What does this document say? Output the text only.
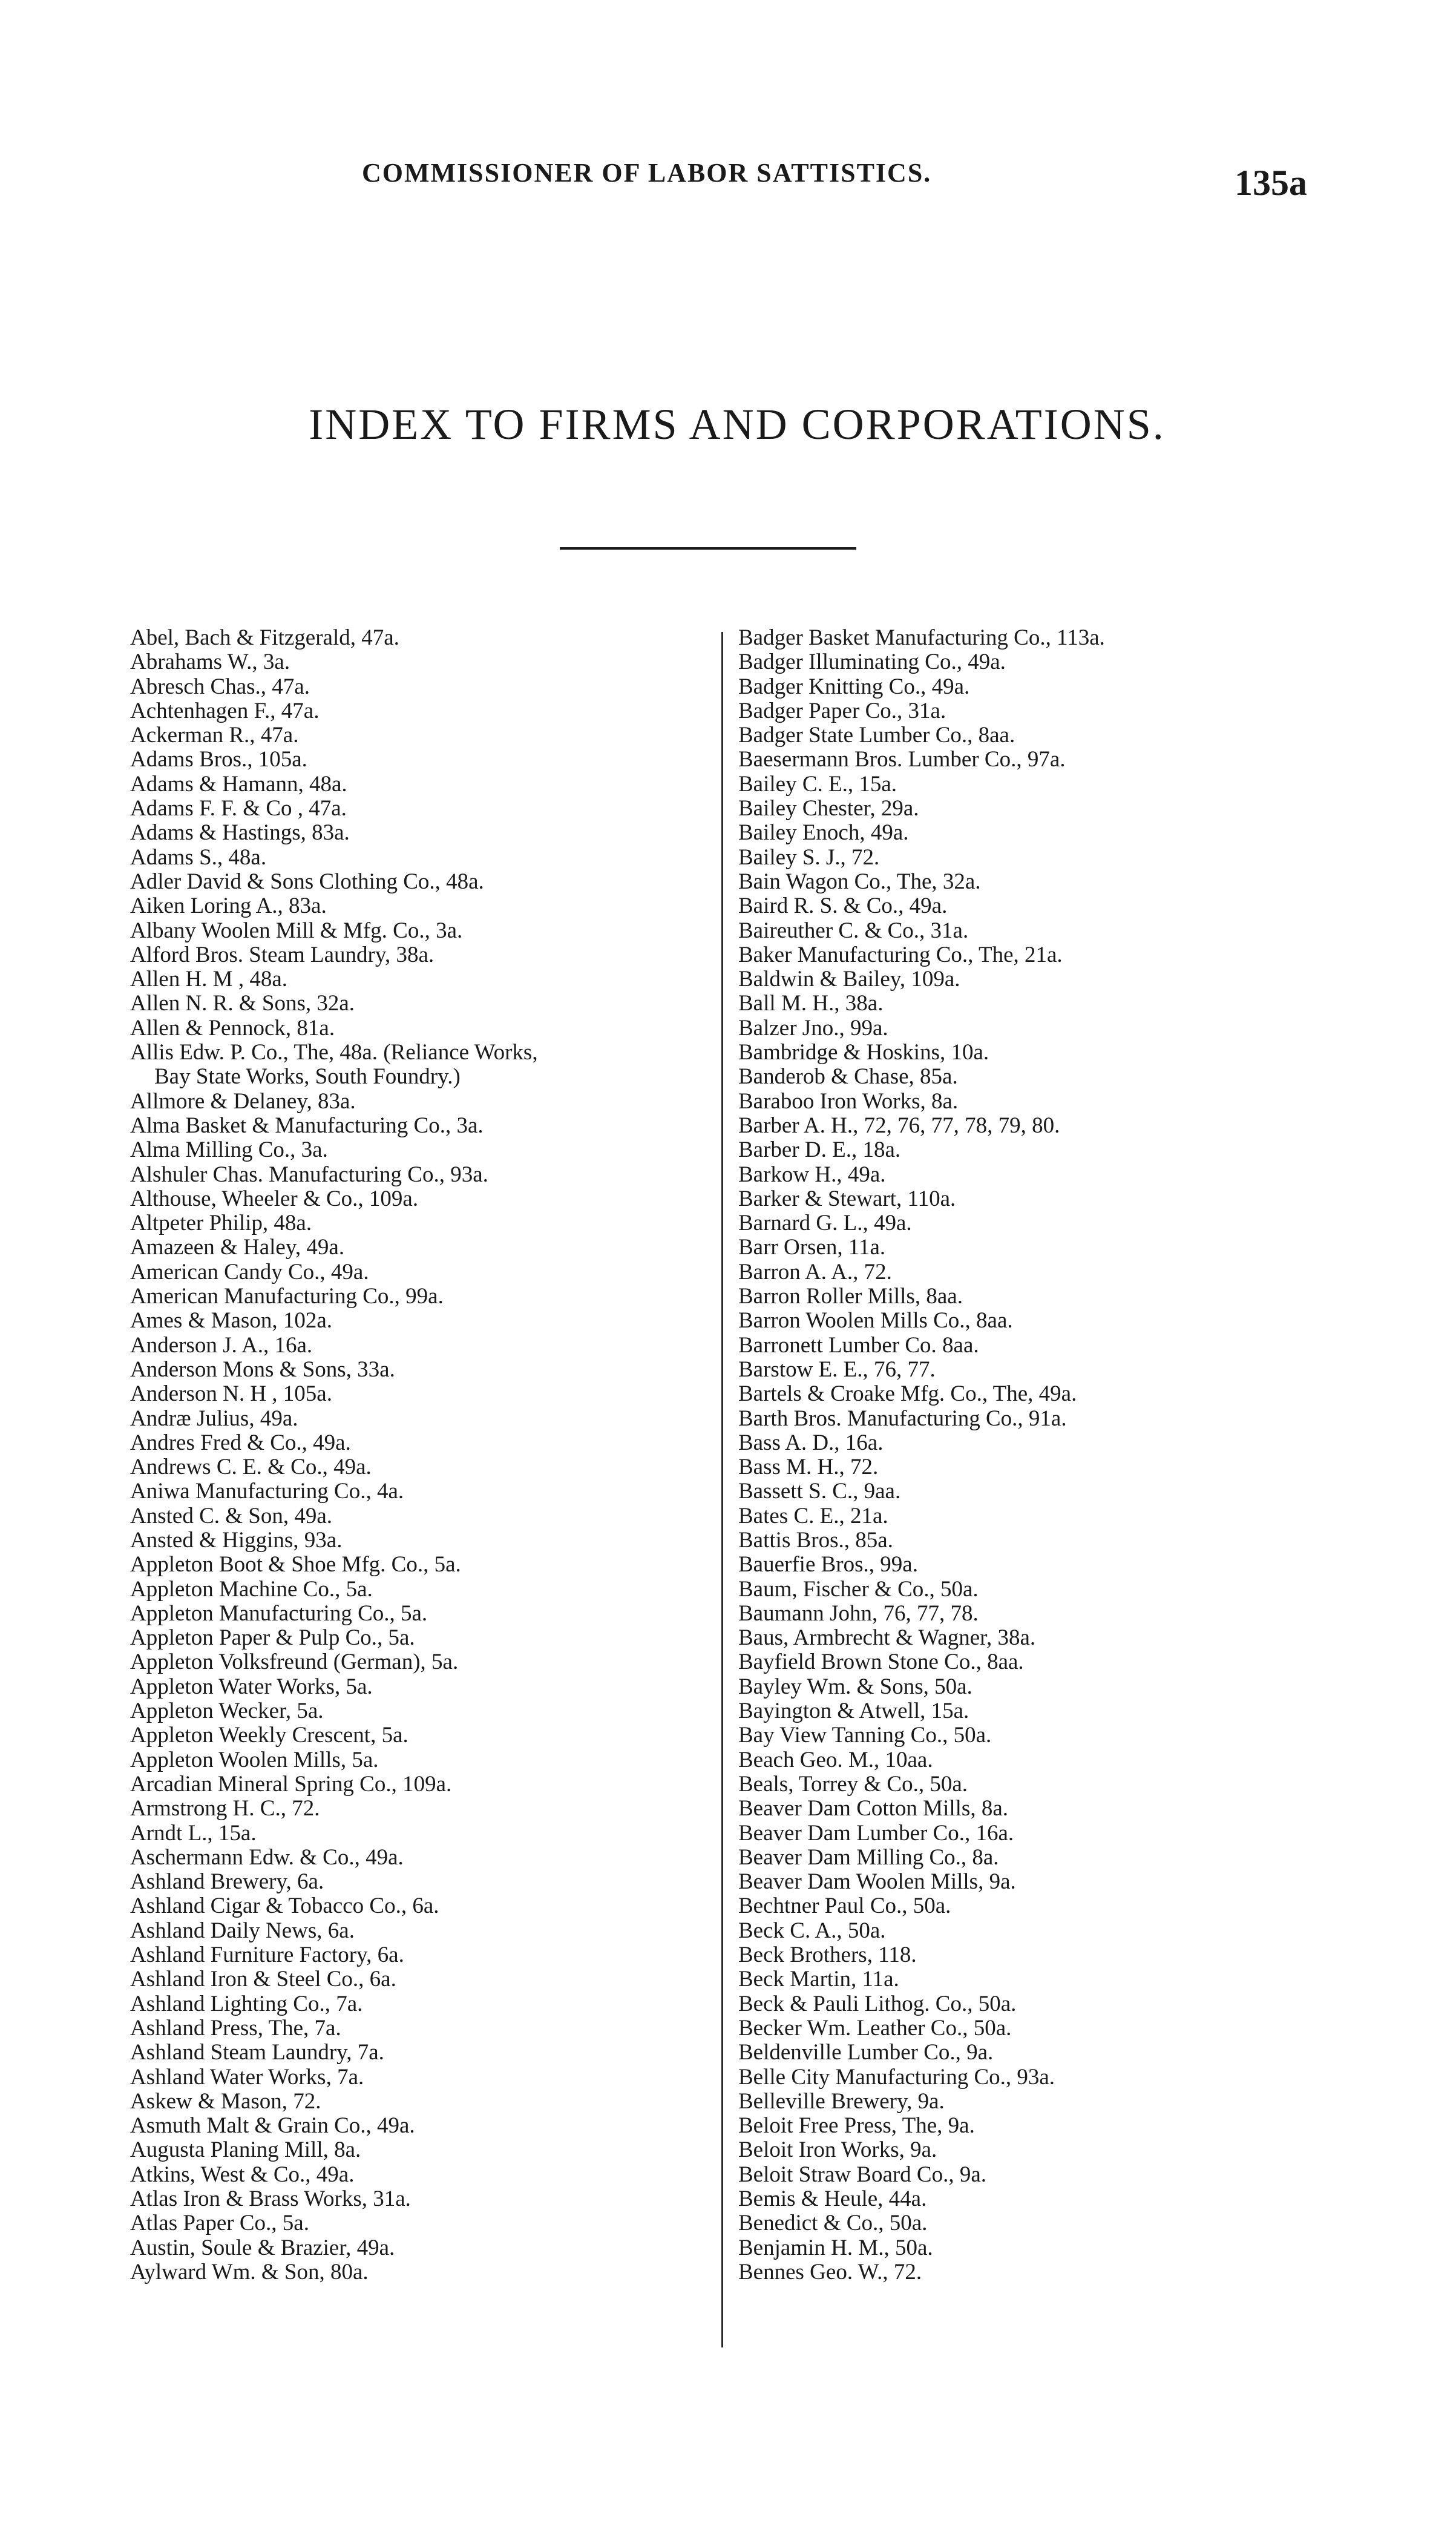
COMMISSIONER OF LABOR SATTISTICS.	135a
INDEX TO FIRMS AND CORPORATIONS.
Abel, Bach & Fitzgerald, 47a.
Abrahams W., 3a.
Abresch Chas., 47a.
Achtenhagen F., 47a.
Ackerman R., 47a.
Adams Bros., 105a.
Adams & Hamann, 48a.
Adams F. F. & Co , 47a.
Adams & Hastings, 83a.
Adams S., 48a.
Adler David & Sons Clothing Co., 48a.
Aiken Loring A., 83a.
Albany Woolen Mill & Mfg. Co., 3a.
Alford Bros. Steam Laundry, 38a.
Allen H. M , 48a.
Allen N. R. & Sons, 32a.
Allen & Pennock, 81a.
Allis Edw. P. Co., The, 48a. (Reliance Works,
Bay State Works, South Foundry.)
Allmore & Delaney, 83a.
Alma Basket & Manufacturing Co., 3a.
Alma Milling Co., 3a.
Alshuler Chas. Manufacturing Co., 93a.
Althouse, Wheeler & Co., 109a.
Altpeter Philip, 48a.
Amazeen & Haley, 49a.
American Candy Co., 49a.
American Manufacturing Co., 99a.
Ames & Mason, 102a.
Anderson J. A., 16a.
Anderson Mons & Sons, 33a.
Anderson N. H , 105a.
Andræ Julius, 49a.
Andres Fred & Co., 49a.
Andrews C. E. & Co., 49a.
Aniwa Manufacturing Co., 4a.
Ansted C. & Son, 49a.
Ansted & Higgins, 93a.
Appleton Boot & Shoe Mfg. Co., 5a.
Appleton Machine Co., 5a.
Appleton Manufacturing Co., 5a.
Appleton Paper & Pulp Co., 5a.
Appleton Volksfreund (German), 5a.
Appleton Water Works, 5a.
Appleton Wecker, 5a.
Appleton Weekly Crescent, 5a.
Appleton Woolen Mills, 5a.
Arcadian Mineral Spring Co., 109a.
Armstrong H. C., 72.
Arndt L., 15a.
Aschermann Edw. & Co., 49a.
Ashland Brewery, 6a.
Ashland Cigar & Tobacco Co., 6a.
Ashland Daily News, 6a.
Ashland Furniture Factory, 6a.
Ashland Iron & Steel Co., 6a.
Ashland Lighting Co., 7a.
Ashland Press, The, 7a.
Ashland Steam Laundry, 7a.
Ashland Water Works, 7a.
Askew & Mason, 72.
Asmuth Malt & Grain Co., 49a.
Augusta Planing Mill, 8a.
Atkins, West & Co., 49a.
Atlas Iron & Brass Works, 31a.
Atlas Paper Co., 5a.
Austin, Soule & Brazier, 49a.
Aylward Wm. & Son, 80a.
Badger Basket Manufacturing Co., 113a.
Badger Illuminating Co., 49a.
Badger Knitting Co., 49a.
Badger Paper Co., 31a.
Badger State Lumber Co., 8aa.
Baesermann Bros. Lumber Co., 97a.
Bailey C. E., 15a.
Bailey Chester, 29a.
Bailey Enoch, 49a.
Bailey S. J., 72.
Bain Wagon Co., The, 32a.
Baird R. S. & Co., 49a.
Baireuther C. & Co., 31a.
Baker Manufacturing Co., The, 21a.
Baldwin & Bailey, 109a.
Ball M. H., 38a.
Balzer Jno., 99a.
Bambridge & Hoskins, 10a.
Banderob & Chase, 85a.
Baraboo Iron Works, 8a.
Barber A. H., 72, 76, 77, 78, 79, 80.
Barber D. E., 18a.
Barkow H., 49a.
Barker & Stewart, 110a.
Barnard G. L., 49a.
Barr Orsen, 11a.
Barron A. A., 72.
Barron Roller Mills, 8aa.
Barron Woolen Mills Co., 8aa.
Barronett Lumber Co. 8aa.
Barstow E. E., 76, 77.
Bartels & Croake Mfg. Co., The, 49a.
Barth Bros. Manufacturing Co., 91a.
Bass A. D., 16a.
Bass M. H., 72.
Bassett S. C., 9aa.
Bates C. E., 21a.
Battis Bros., 85a.
Bauerfie Bros., 99a.
Baum, Fischer & Co., 50a.
Baumann John, 76, 77, 78.
Baus, Armbrecht & Wagner, 38a.
Bayfield Brown Stone Co., 8aa.
Bayley Wm. & Sons, 50a.
Bayington & Atwell, 15a.
Bay View Tanning Co., 50a.
Beach Geo. M., 10aa.
Beals, Torrey & Co., 50a.
Beaver Dam Cotton Mills, 8a.
Beaver Dam Lumber Co., 16a.
Beaver Dam Milling Co., 8a.
Beaver Dam Woolen Mills, 9a.
Bechtner Paul Co., 50a.
Beck C. A., 50a.
Beck Brothers, 118.
Beck Martin, 11a.
Beck & Pauli Lithog. Co., 50a.
Becker Wm. Leather Co., 50a.
Beldenville Lumber Co., 9a.
Belle City Manufacturing Co., 93a.
Belleville Brewery, 9a.
Beloit Free Press, The, 9a.
Beloit Iron Works, 9a.
Beloit Straw Board Co., 9a.
Bemis & Heule, 44a.
Benedict & Co., 50a.
Benjamin H. M., 50a.
Bennes Geo. W., 72.
